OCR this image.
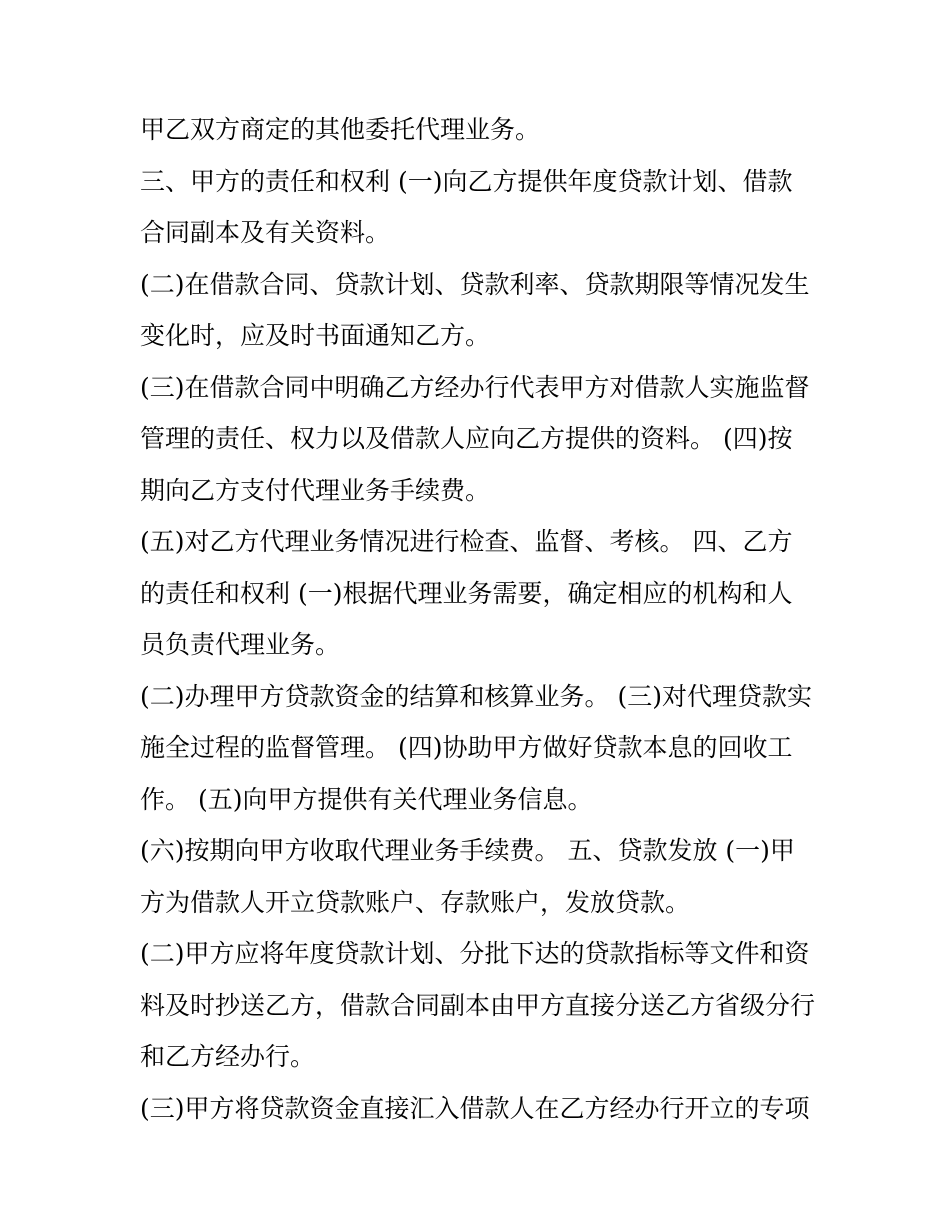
甲乙双方商定的其他委托代理业务。
三、甲方的责任和权利 (一)向乙方提供年度贷款计划、借款
合同副本及有关资料。
(二)在借款合同、贷款计划、贷款利率、贷款期限等情况发生
变化时，应及时书面通知乙方。
(三)在借款合同中明确乙方经办行代表甲方对借款人实施监督
管理的责任、权力以及借款人应向乙方提供的资料。 (四)按
期向乙方支付代理业务手续费。
(五)对乙方代理业务情况进行检查、监督、考核。 四、乙方
的责任和权利 (一)根据代理业务需要，确定相应的机构和人
员负责代理业务。
(二)办理甲方贷款资金的结算和核算业务。 (三)对代理贷款实
施全过程的监督管理。 (四)协助甲方做好贷款本息的回收工
作。 (五)向甲方提供有关代理业务信息。
(六)按期向甲方收取代理业务手续费。 五、贷款发放 (一)甲
方为借款人开立贷款账户、存款账户，发放贷款。
(二)甲方应将年度贷款计划、分批下达的贷款指标等文件和资
料及时抄送乙方，借款合同副本由甲方直接分送乙方省级分行
和乙方经办行。
(三)甲方将贷款资金直接汇入借款人在乙方经办行开立的专项
